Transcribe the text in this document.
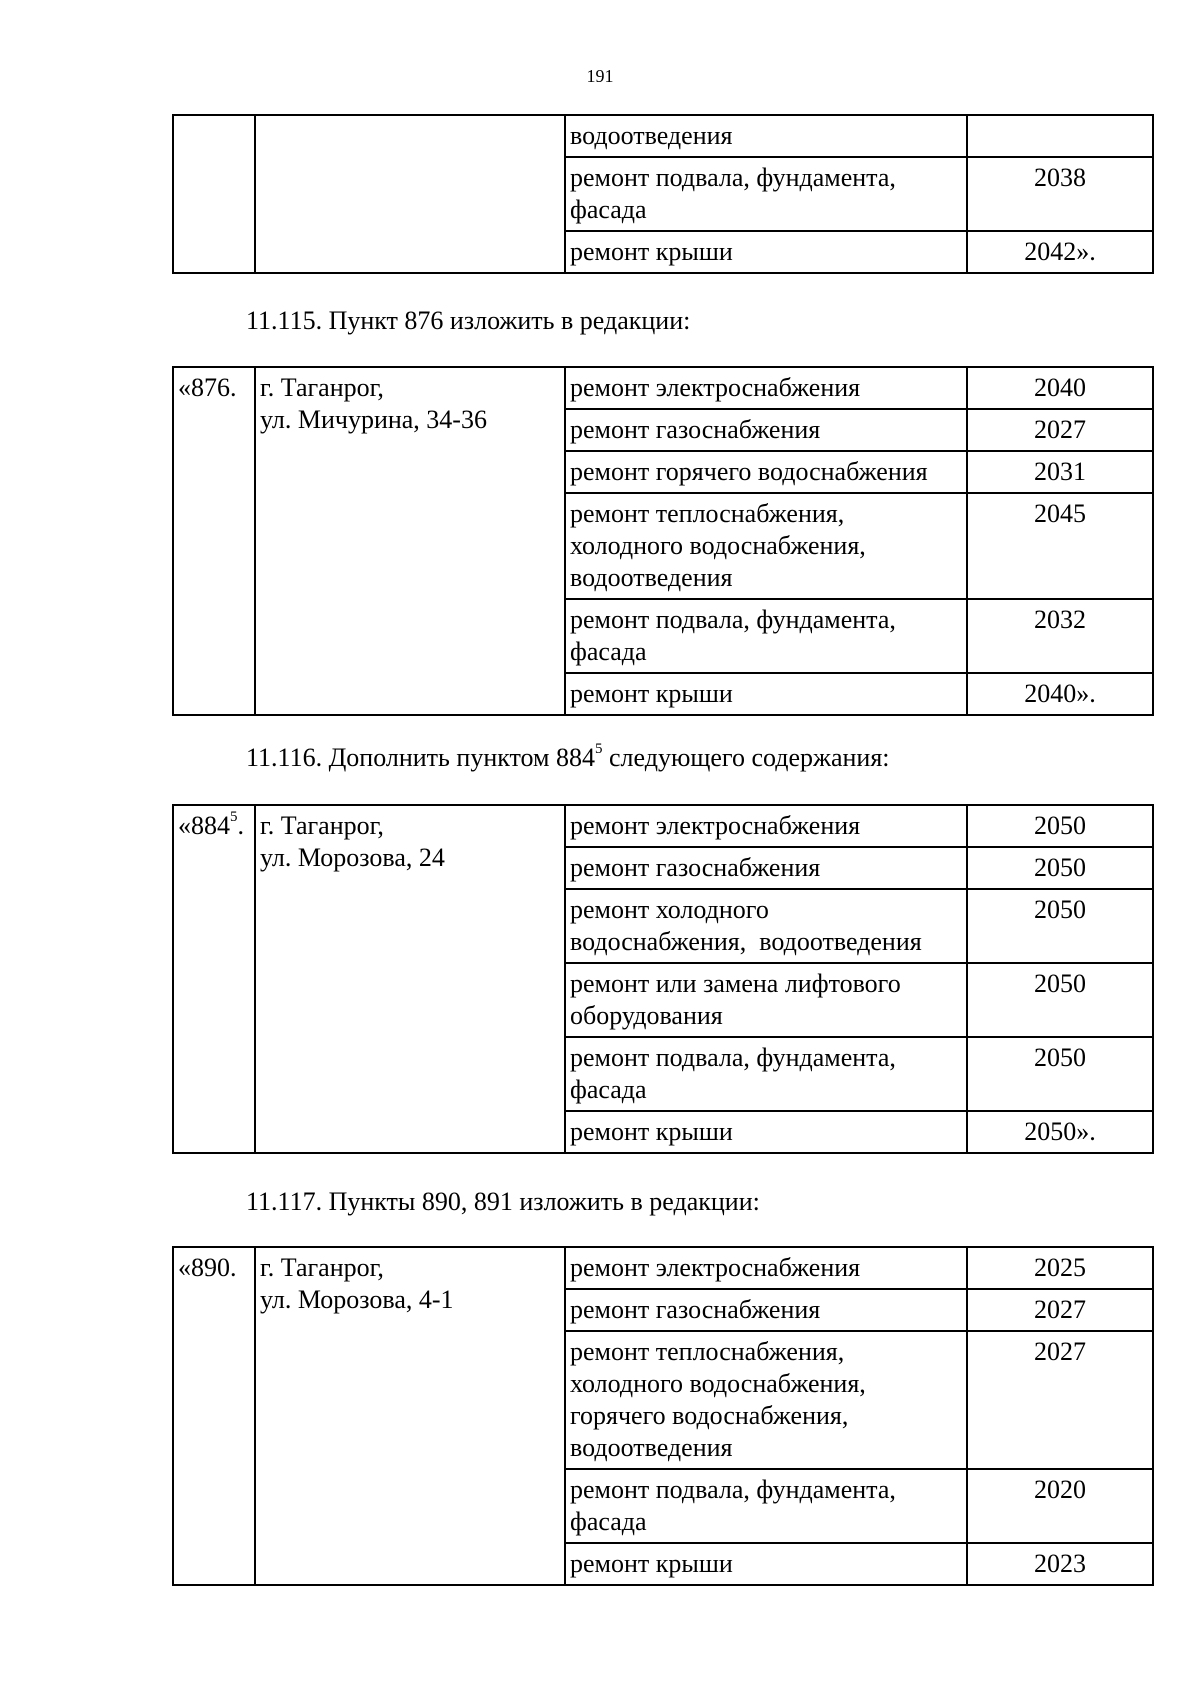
191
		водоотведения	
		ремонт подвала, фундамента,
фасада	2038
		ремонт крыши	2042».
11.115. Пункт 876 изложить в редакции:
«876.	г. Таганрог,
ул. Мичурина, 34-36	ремонт электроснабжения	2040
		ремонт газоснабжения	2027
		ремонт горячего водоснабжения	2031
		ремонт теплоснабжения,
холодного водоснабжения,
водоотведения	2045
		ремонт подвала, фундамента,
фасада	2032
		ремонт крыши	2040».
11.116. Дополнить пунктом $884^5$ следующего содержания:
«$884^5$.	г. Таганрог,
ул. Морозова, 24	ремонт электроснабжения	2050
		ремонт газоснабжения	2050
		ремонт холодного
водоснабжения,  водоотведения	2050
		ремонт или замена лифтового
оборудования	2050
		ремонт подвала, фундамента,
фасада	2050
		ремонт крыши	2050».
11.117. Пункты 890, 891 изложить в редакции:
«890.	г. Таганрог,
ул. Морозова, 4-1	ремонт электроснабжения	2025
		ремонт газоснабжения	2027
		ремонт теплоснабжения,
холодного водоснабжения,
горячего водоснабжения,
водоотведения	2027
		ремонт подвала, фундамента,
фасада	2020
		ремонт крыши	2023
